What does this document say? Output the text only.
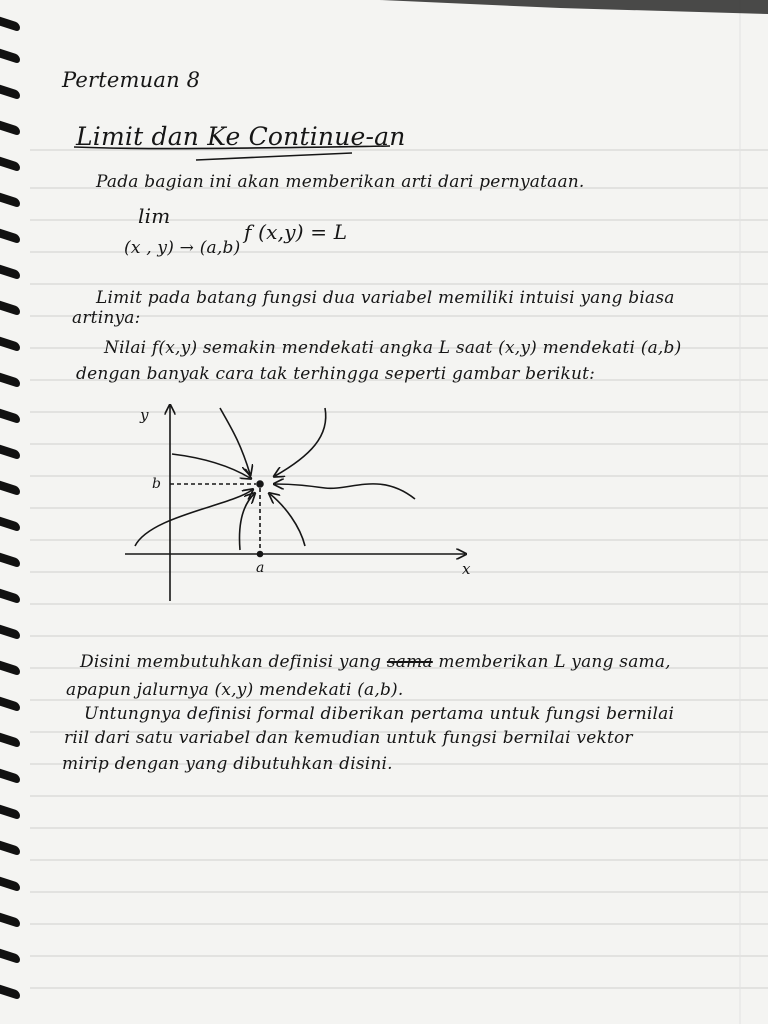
Pertemuan 8
Limit dan Ke Continue-an
Pada bagian ini akan memberikan arti dari pernyataan.
lim
(x , y) → (a,b)
f (x,y) = L
Limit pada batang fungsi dua variabel memiliki intuisi yang biasa
artinya:
Nilai f(x,y) semakin mendekati angka L saat (x,y) mendekati (a,b)
dengan banyak cara tak terhingga seperti gambar berikut:
y
x
b
a
Disini membutuhkan definisi yang sama memberikan L yang sama,
apapun jalurnya (x,y) mendekati (a,b).
Untungnya definisi formal diberikan pertama untuk fungsi bernilai
riil dari satu variabel dan kemudian untuk fungsi bernilai vektor
mirip dengan yang dibutuhkan disini.
